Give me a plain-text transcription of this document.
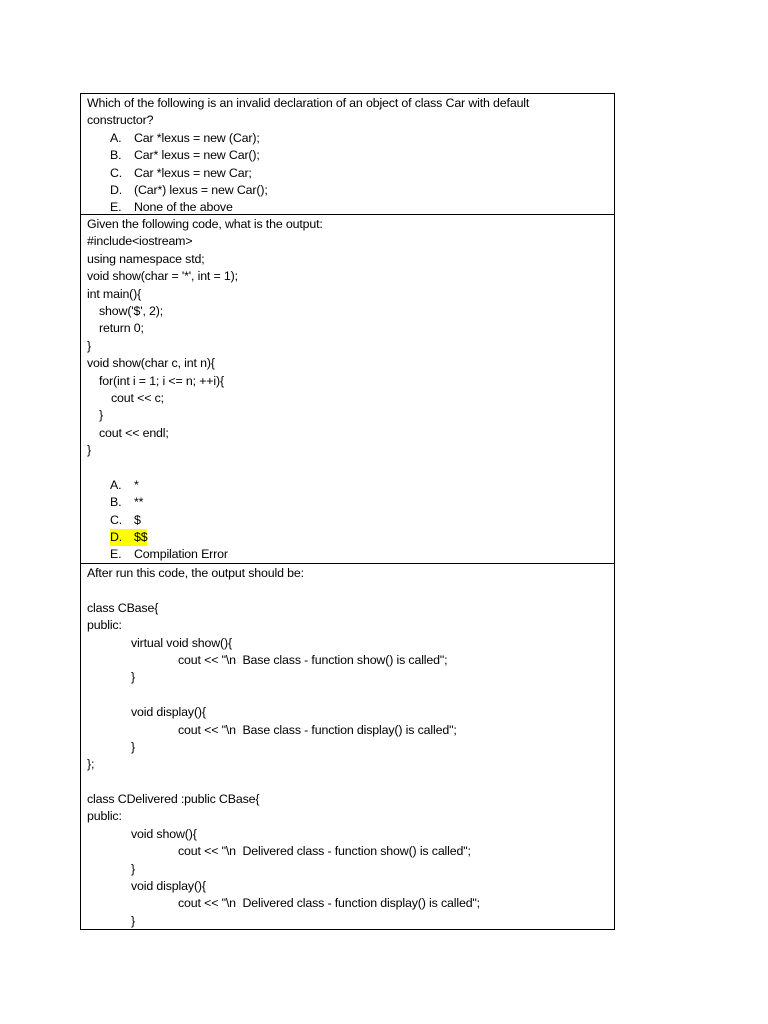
Which of the following is an invalid declaration of an object of class Car with default
constructor?
A.	Car *lexus = new (Car);
B.	Car* lexus = new Car();
C. Car *lexus = new Car;
D. (Car*) lexus = new Car();
E.	None of the above
Given the following code, what is the output:
#include<iostream>
using namespace std;
void show(char = '*', int = 1);
int main(){
show('$', 2);
return 0;
}
void show(char c, int n){
for(int i = 1; i <= n; ++i){
cout << c;
}
cout << endl;
}
A.	*
B.	**
C. $
D. $$
E.	Compilation Error
After run this code, the output should be:
class CBase{
public:
virtual void show(){
cout << "\n  Base class - function show() is called";
}
void display(){
cout << "\n  Base class - function display() is called";
}
};
class CDelivered :public CBase{
public:
void show(){
cout << "\n  Delivered class - function show() is called";
}
void display(){
cout << "\n  Delivered class - function display() is called";
}
